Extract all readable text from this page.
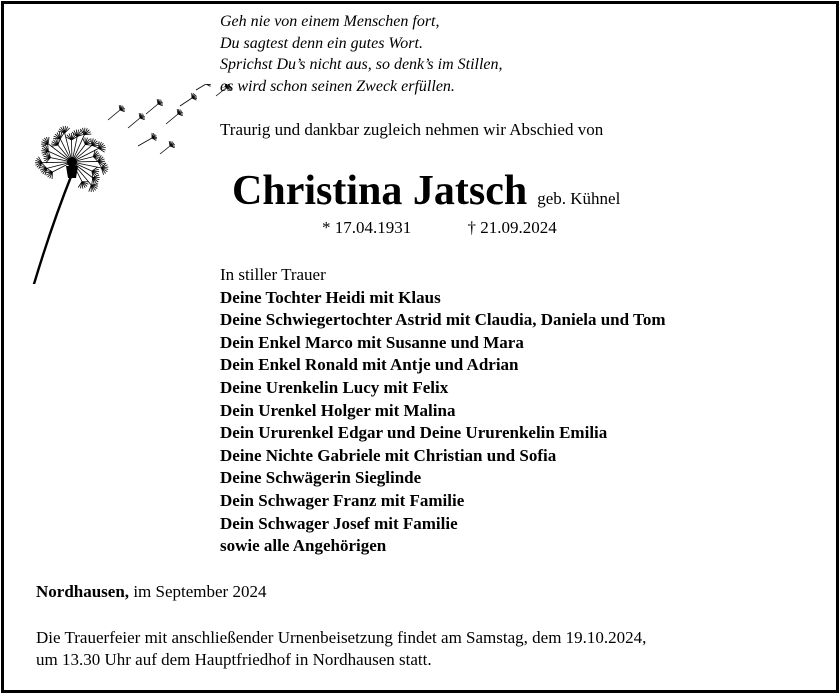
Geh nie von einem Menschen fort,
Du sagtest denn ein gutes Wort.
Sprichst Du’s nicht aus, so denk’s im Stillen,
es wird schon seinen Zweck erfüllen.
Traurig und dankbar zugleich nehmen wir Abschied von
Christina Jatsch geb. Kühnel
* 17.04.1931	† 21.09.2024
In stiller Trauer
Deine Tochter Heidi mit Klaus
Deine Schwiegertochter Astrid mit Claudia, Daniela und Tom
Dein Enkel Marco mit Susanne und Mara
Dein Enkel Ronald mit Antje und Adrian
Deine Urenkelin Lucy mit Felix
Dein Urenkel Holger mit Malina
Dein Ururenkel Edgar und Deine Ururenkelin Emilia
Deine Nichte Gabriele mit Christian und Sofia
Deine Schwägerin Sieglinde
Dein Schwager Franz mit Familie
Dein Schwager Josef mit Familie
sowie alle Angehörigen
Nordhausen, im September 2024
Die Trauerfeier mit anschließender Urnenbeisetzung findet am Samstag, dem 19.10.2024,
um 13.30 Uhr auf dem Hauptfriedhof in Nordhausen statt.
